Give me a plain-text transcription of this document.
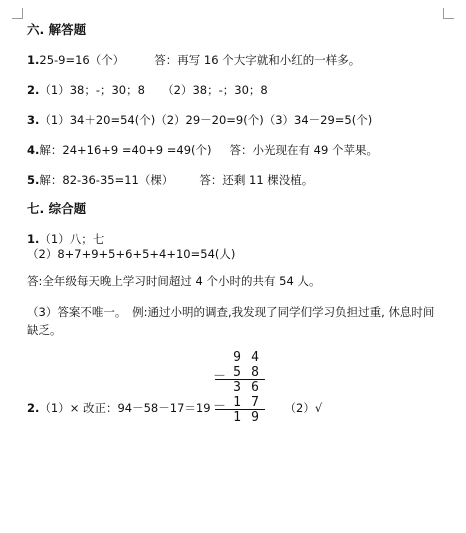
六. 解答题
1.25-9=16（个）	答：再写 16 个大字就和小红的一样多。
2.（1）38；-；30；8　　（2）38；-；30；8
3.（1）34＋20=54(个)（2）29－20=9(个)（3）34－29=5(个)
4.解：24+16+9 =40+9 =49(个) 答：小光现在有 49 个苹果。
5.解：82-36-35=11（棵） 答：还剩 11 棵没植。
七. 综合题
1.（1）八；七
（2）8+7+9+5+6+5+4+10=54(人)
答:全年级每天晚上学习时间超过 4 个小时的共有 54 人。
（3）答案不唯一。　例:通过小明的调查,我发现了同学们学习负担过重, 休息时间缺乏。
2.（1）× 改正：94－58－17＝19	（2）√
9 4
－ 5 8
3 6
－ 1 7
1 9
